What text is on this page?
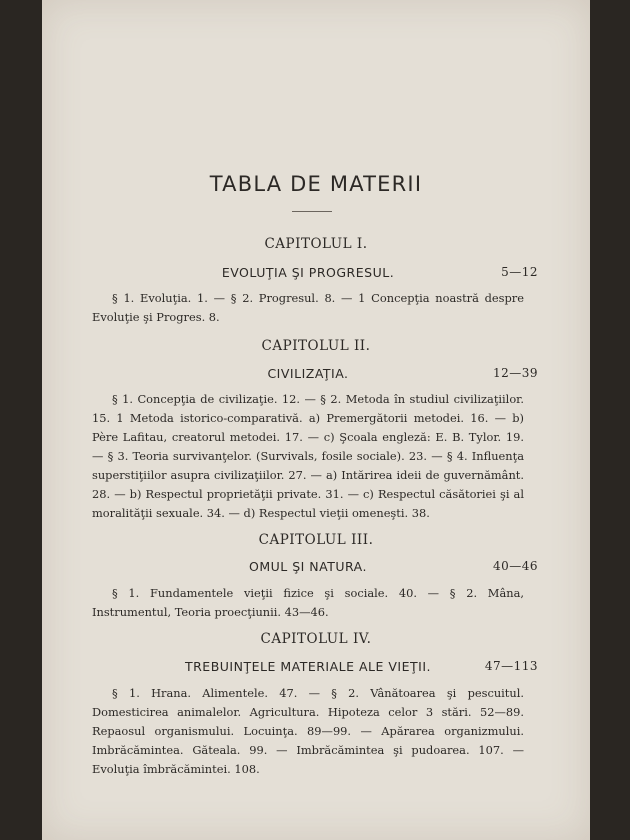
TABLA DE MATERII
CAPITOLUL I.
EVOLUŢIA ŞI PROGRESUL.	5—12

§ 1. Evoluţia. 1. — § 2. Progresul. 8. — 1 Concepţia noastră despre Evoluţie şi Progres. 8.

CAPITOLUL II.
CIVILIZAŢIA.	12—39

§ 1. Concepţia de civilizaţie. 12. — § 2. Metoda în studiul civilizaţiilor. 15. 1 Metoda istorico-comparativă. a) Premergătorii metodei. 16. — b) Père Lafitau, creatorul metodei. 17. — c) Şcoala engleză: E. B. Tylor. 19. — § 3. Teoria survivanţelor. (Survivals, fosile sociale). 23. — § 4. Influenţa superstiţiilor asupra civilizaţiilor. 27. — a) Intărirea ideii de guvernământ. 28. — b) Respectul proprietăţii private. 31. — c) Respectul căsătoriei şi al moralităţii sexuale. 34. — d) Respectul vieţii omeneşti. 38.

CAPITOLUL III.
OMUL ŞI NATURA.	40—46

§ 1. Fundamentele vieţii fizice şi sociale. 40. — § 2. Mâna, Instrumentul, Teoria proecţiunii. 43—46.

CAPITOLUL IV.
TREBUINŢELE MATERIALE ALE VIEŢII.	47—113

§ 1. Hrana. Alimentele. 47. — § 2. Vânătoarea şi pescuitul. Domesticirea animalelor. Agricultura. Hipoteza celor 3 stări. 52—89. Repaosul organismului. Locuinţa. 89—99. — Apărarea organizmului. Imbrăcămintea. Găteala. 99. — Imbrăcămintea şi pudoarea. 107. — Evoluţia îmbrăcămintei. 108.
